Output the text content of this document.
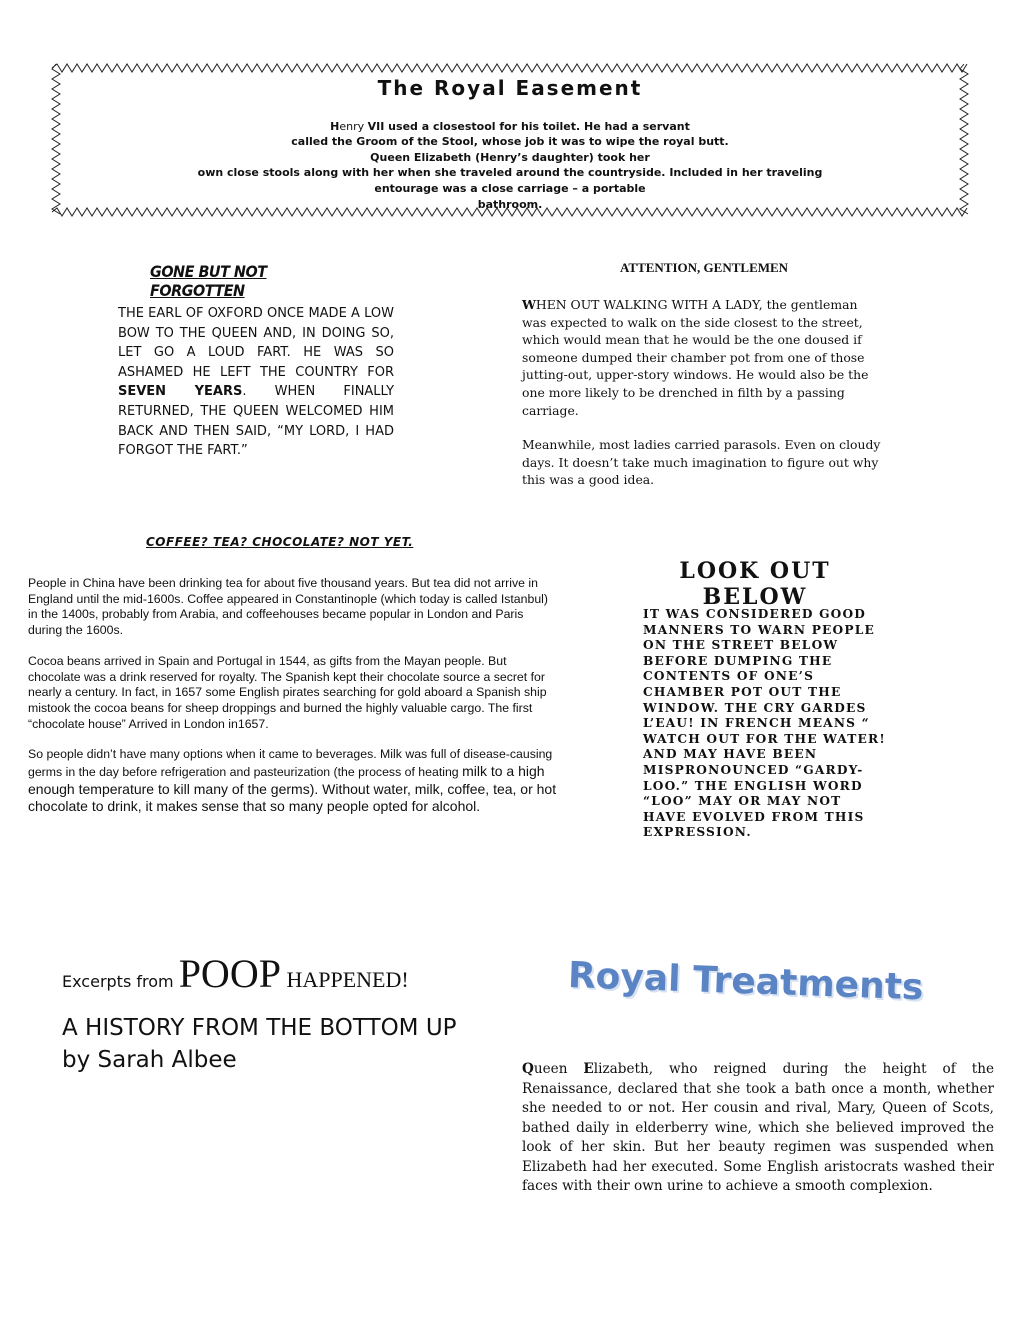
The Royal Easement
Henry VII used a closestool for his toilet. He had a servant
called the Groom of the Stool, whose job it was to wipe the royal butt.
Queen Elizabeth (Henry’s daughter) took her
own close stools along with her when she traveled around the countryside. Included in her traveling
entourage was a close carriage – a portable
bathroom.
GONE BUT NOT FORGOTTEN
THE EARL OF OXFORD ONCE MADE A LOW BOW TO THE QUEEN AND, IN DOING SO, LET GO A LOUD FART. HE WAS SO ASHAMED HE LEFT THE COUNTRY FOR SEVEN YEARS. WHEN FINALLY RETURNED, THE QUEEN WELCOMED HIM BACK AND THEN SAID, “MY LORD, I HAD FORGOT THE FART.”
ATTENTION, GENTLEMEN

WHEN OUT WALKING WITH A LADY, the gentleman was expected to walk on the side closest to the street, which would mean that he would be the one doused if someone dumped their chamber pot from one of those jutting-out, upper-story windows. He would also be the one more likely to be drenched in filth by a passing carriage.

Meanwhile, most ladies carried parasols. Even on cloudy days. It doesn’t take much imagination to figure out why this was a good idea.

COFFEE? TEA? CHOCOLATE? NOT YET.

People in China have been drinking tea for about five thousand years. But tea did not arrive in England until the mid-1600s. Coffee appeared in Constantinople (which today is called Istanbul) in the 1400s, probably from Arabia, and coffeehouses became popular in London and Paris during the 1600s.

Cocoa beans arrived in Spain and Portugal in 1544, as gifts from the Mayan people. But chocolate was a drink reserved for royalty. The Spanish kept their chocolate source a secret for nearly a century. In fact, in 1657 some English pirates searching for gold aboard a Spanish ship mistook the cocoa beans for sheep droppings and burned the highly valuable cargo. The first “chocolate house” Arrived in London in1657.

So people didn’t have many options when it came to beverages. Milk was full of disease-causing germs in the day before refrigeration and pasteurization (the process of heating milk to a high enough temperature to kill many of the germs). Without water, milk, coffee, tea, or hot chocolate to drink, it makes sense that so many people opted for alcohol.

LOOK OUT BELOW
IT WAS CONSIDERED GOOD MANNERS TO WARN PEOPLE ON THE STREET BELOW BEFORE DUMPING THE CONTENTS OF ONE’S CHAMBER POT OUT THE WINDOW. THE CRY GARDES L’EAU! IN FRENCH MEANS “ WATCH OUT FOR THE WATER! AND MAY HAVE BEEN MISPRONOUNCED “GARDY-LOO.” THE ENGLISH WORD “LOO” MAY OR MAY NOT HAVE EVOLVED FROM THIS EXPRESSION.
Excerpts from POOP HAPPENED!
A HISTORY FROM THE BOTTOM UP by Sarah Albee
Royal Treatments
Queen Elizabeth, who reigned during the height of the Renaissance, declared that she took a bath once a month, whether she needed to or not. Her cousin and rival, Mary, Queen of Scots, bathed daily in elderberry wine, which she believed improved the look of her skin. But her beauty regimen was suspended when Elizabeth had her executed. Some English aristocrats washed their faces with their own urine to achieve a smooth complexion.
